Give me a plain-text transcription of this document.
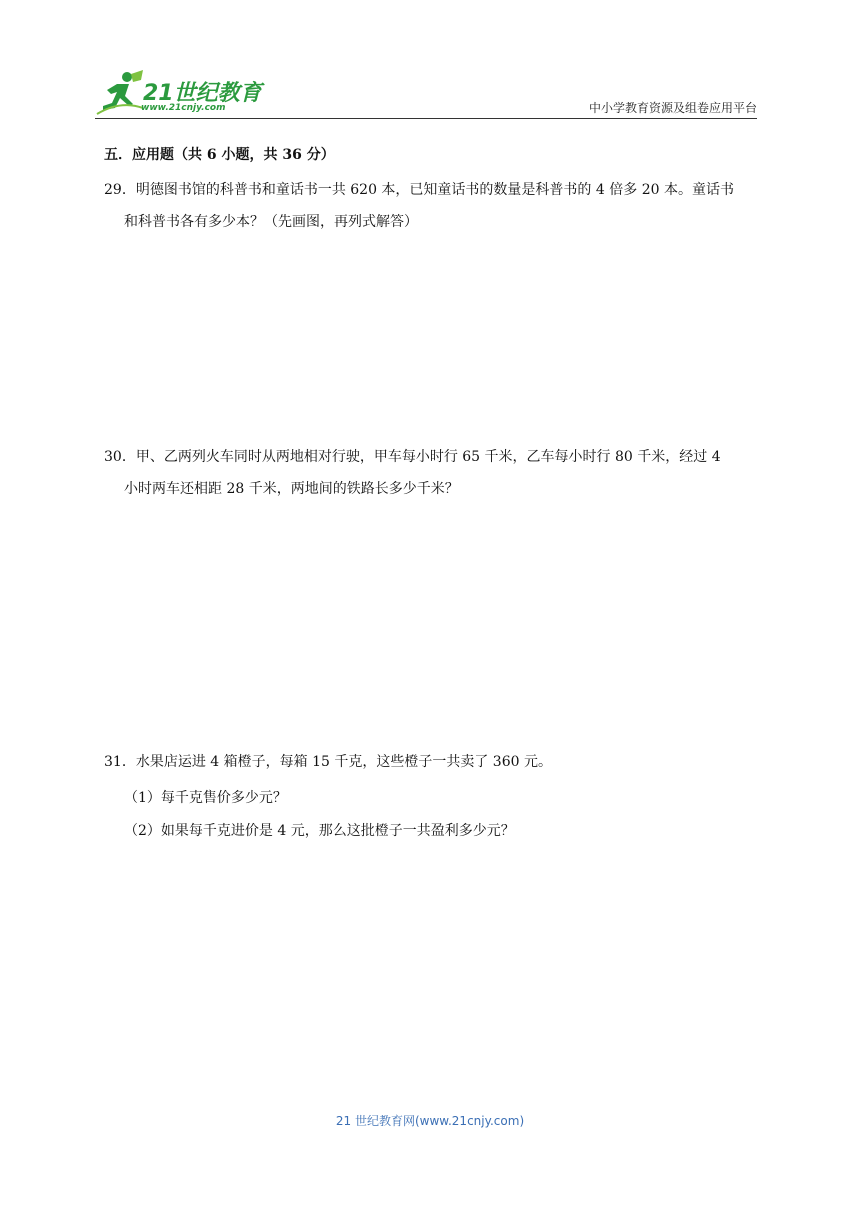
21世纪教育
www.21cnjy.com	中小学教育资源及组卷应用平台
五．应用题（共 6 小题，共 36 分）
29．明德图书馆的科普书和童话书一共 620 本，已知童话书的数量是科普书的 4 倍多 20 本。童话书
和科普书各有多少本？（先画图，再列式解答）
30．甲、乙两列火车同时从两地相对行驶，甲车每小时行 65 千米，乙车每小时行 80 千米，经过 4
小时两车还相距 28 千米，两地间的铁路长多少千米？
31．水果店运进 4 箱橙子，每箱 15 千克，这些橙子一共卖了 360 元。
（1）每千克售价多少元？
（2）如果每千克进价是 4 元，那么这批橙子一共盈利多少元？
21 世纪教育网(www.21cnjy.com)
